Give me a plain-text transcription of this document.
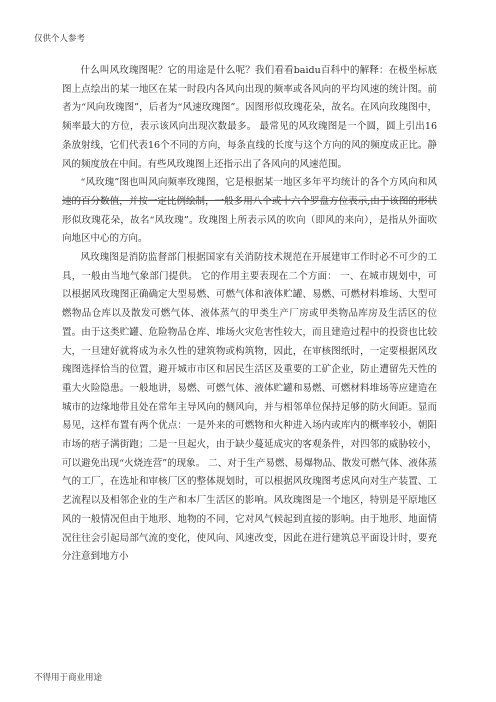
仅供个人参考

什么叫风玫瑰图呢？它的用途是什么呢？我们看看baidu百科中的解释：在极坐标底图上点绘出的某一地区在某一时段内各风向出现的频率或各风向的平均风速的统计图。前者为“风向玫瑰图”，后者为“风速玫瑰图”。因图形似玫瑰花朵，故名。在风向玫瑰图中，频率最大的方位，表示该风向出现次数最多。 最常见的风玫瑰图是一个圆，圆上引出16条放射线，它们代表16个不同的方向，每条直线的长度与这个方向的风的频度成正比。静风的频度放在中间。有些风玫瑰图上还指示出了各风向的风速范围。

“风玫瑰”图也叫风向频率玫瑰图，它是根据某一地区多年平均统计的各个方风向和风速的百分数值，并按一定比例绘制，一般多用八个或十六个罗盘方位表示,由于该图的形状形似玫瑰花朵，故名“风玫瑰”。玫瑰图上所表示风的吹向（即风的来向），是指从外面吹向地区中心的方向。

风玫瑰图是消防监督部门根据国家有关消防技术规范在开展建审工作时必不可少的工具，一般由当地气象部门提供。 它的作用主要表现在二个方面： 一、在城市规划中，可以根据风玫瑰图正确确定大型易燃、可燃气体和液体贮罐、易燃、可燃材料堆场、大型可燃物品仓库以及散发可燃气体、液体蒸气的甲类生产厂房或甲类物品库房及生活区的位置。由于这类贮罐、危险物品仓库、堆场火灾危害性较大，而且建造过程中的投资也比较大，一旦建好就将成为永久性的建筑物或构筑物，因此，在审核图纸时，一定要根据风玫瑰图选择恰当的位置，避开城市市区和居民生活区及重要的工矿企业，防止遭留先天性的重大火险隐患。一般地讲，易燃、可燃气体、液体贮罐和易燃、可燃材料堆场等应建造在城市的边缘地带且处在常年主导风向的侧风向，并与相邻单位保持足够的防火间距。显而易见，这样布置有两个优点：一是外来的可燃物和火种进入场内或库内的概率较小，朝阳市场的痞子满街跑；二是一旦起火，由于缺少蔓延成灾的客观条件，对四邻的威胁较小，可以避免出现“火烧连营”的现象。 二、对于生产易燃、易爆物品、散发可燃气体、液体蒸气的工厂，在选址和审核厂区的整体规划时，可以根据风玫瑰图考虑风向对生产装置、工艺流程以及相邻企业的生产和本厂生活区的影响。风玫瑰图是一个地区，特别是平原地区风的一般情况但由于地形、地物的不同，它对风气候起到直接的影响。由于地形、地面情况往往会引起局部气流的变化，使风向、风速改变，因此在进行建筑总平面设计时，要充分注意到地方小

不得用于商业用途
